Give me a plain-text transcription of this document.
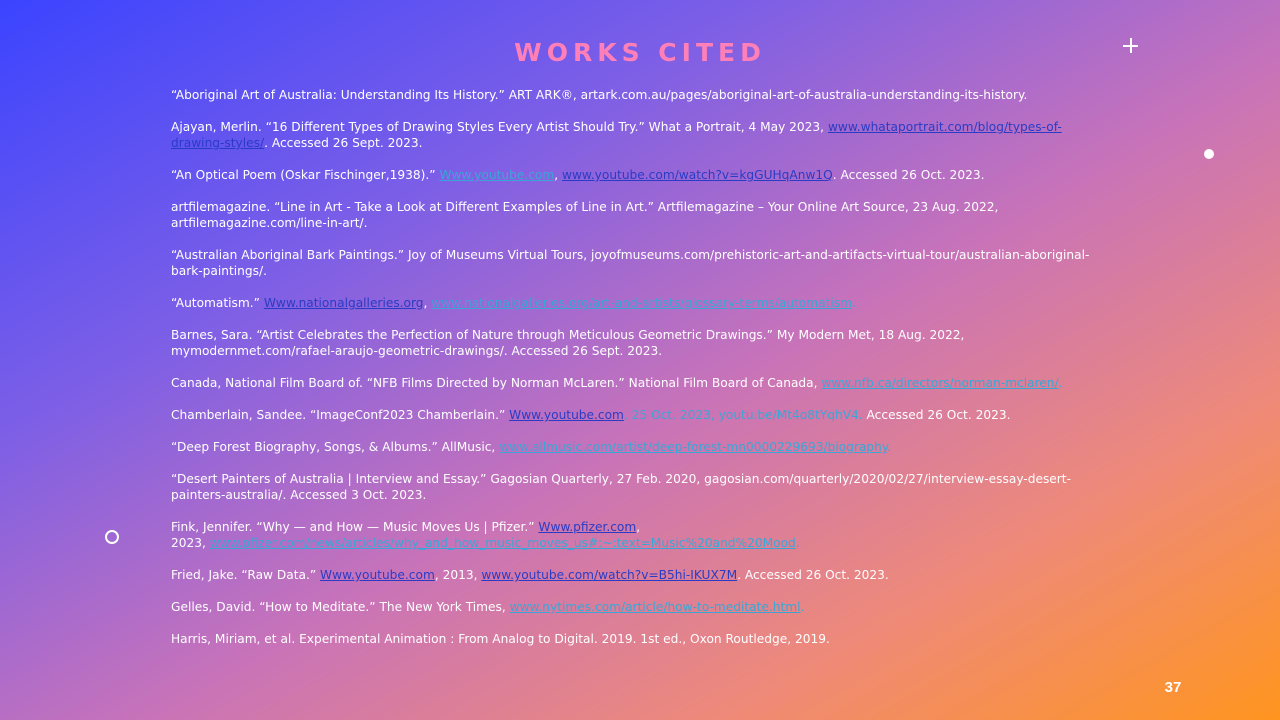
WORKS CITED

“Aboriginal Art of Australia: Understanding Its History.” ART ARK®, artark.com.au/pages/aboriginal-art-of-australia-understanding-its-history.

Ajayan, Merlin. “16 Different Types of Drawing Styles Every Artist Should Try.” What a Portrait, 4 May 2023, www.whataportrait.com/blog/types-of-drawing-styles/. Accessed 26 Sept. 2023.

“An Optical Poem (Oskar Fischinger,1938).” Www.youtube.com, www.youtube.com/watch?v=kgGUHqAnw1Q. Accessed 26 Oct. 2023.

artfilemagazine. “Line in Art - Take a Look at Different Examples of Line in Art.” Artfilemagazine – Your Online Art Source, 23 Aug. 2022, artfilemagazine.com/line-in-art/.

“Australian Aboriginal Bark Paintings.” Joy of Museums Virtual Tours, joyofmuseums.com/prehistoric-art-and-artifacts-virtual-tour/australian-aboriginal-bark-paintings/.

“Automatism.” Www.nationalgalleries.org, www.nationalgalleries.org/art-and-artists/glossary-terms/automatism.

Barnes, Sara. “Artist Celebrates the Perfection of Nature through Meticulous Geometric Drawings.” My Modern Met, 18 Aug. 2022, mymodernmet.com/rafael-araujo-geometric-drawings/. Accessed 26 Sept. 2023.

Canada, National Film Board of. “NFB Films Directed by Norman McLaren.” National Film Board of Canada, www.nfb.ca/directors/norman-mclaren/.

Chamberlain, Sandee. “ImageConf2023 Chamberlain.” Www.youtube.com, 25 Oct. 2023, youtu.be/Mt4o8tYqhV4. Accessed 26 Oct. 2023.

“Deep Forest Biography, Songs, & Albums.” AllMusic, www.allmusic.com/artist/deep-forest-mn0000229693/biography.

“Desert Painters of Australia | Interview and Essay.” Gagosian Quarterly, 27 Feb. 2020, gagosian.com/quarterly/2020/02/27/interview-essay-desert-painters-australia/. Accessed 3 Oct. 2023.

Fink, Jennifer. “Why — and How — Music Moves Us | Pfizer.” Www.pfizer.com,
2023, www.pfizer.com/news/articles/why_and_how_music_moves_us#:~:text=Music%20and%20Mood.

Fried, Jake. “Raw Data.” Www.youtube.com, 2013, www.youtube.com/watch?v=B5hi-IKUX7M. Accessed 26 Oct. 2023.

Gelles, David. “How to Meditate.” The New York Times, www.nytimes.com/article/how-to-meditate.html.

Harris, Miriam, et al. Experimental Animation : From Analog to Digital. 2019. 1st ed., Oxon Routledge, 2019.

37
